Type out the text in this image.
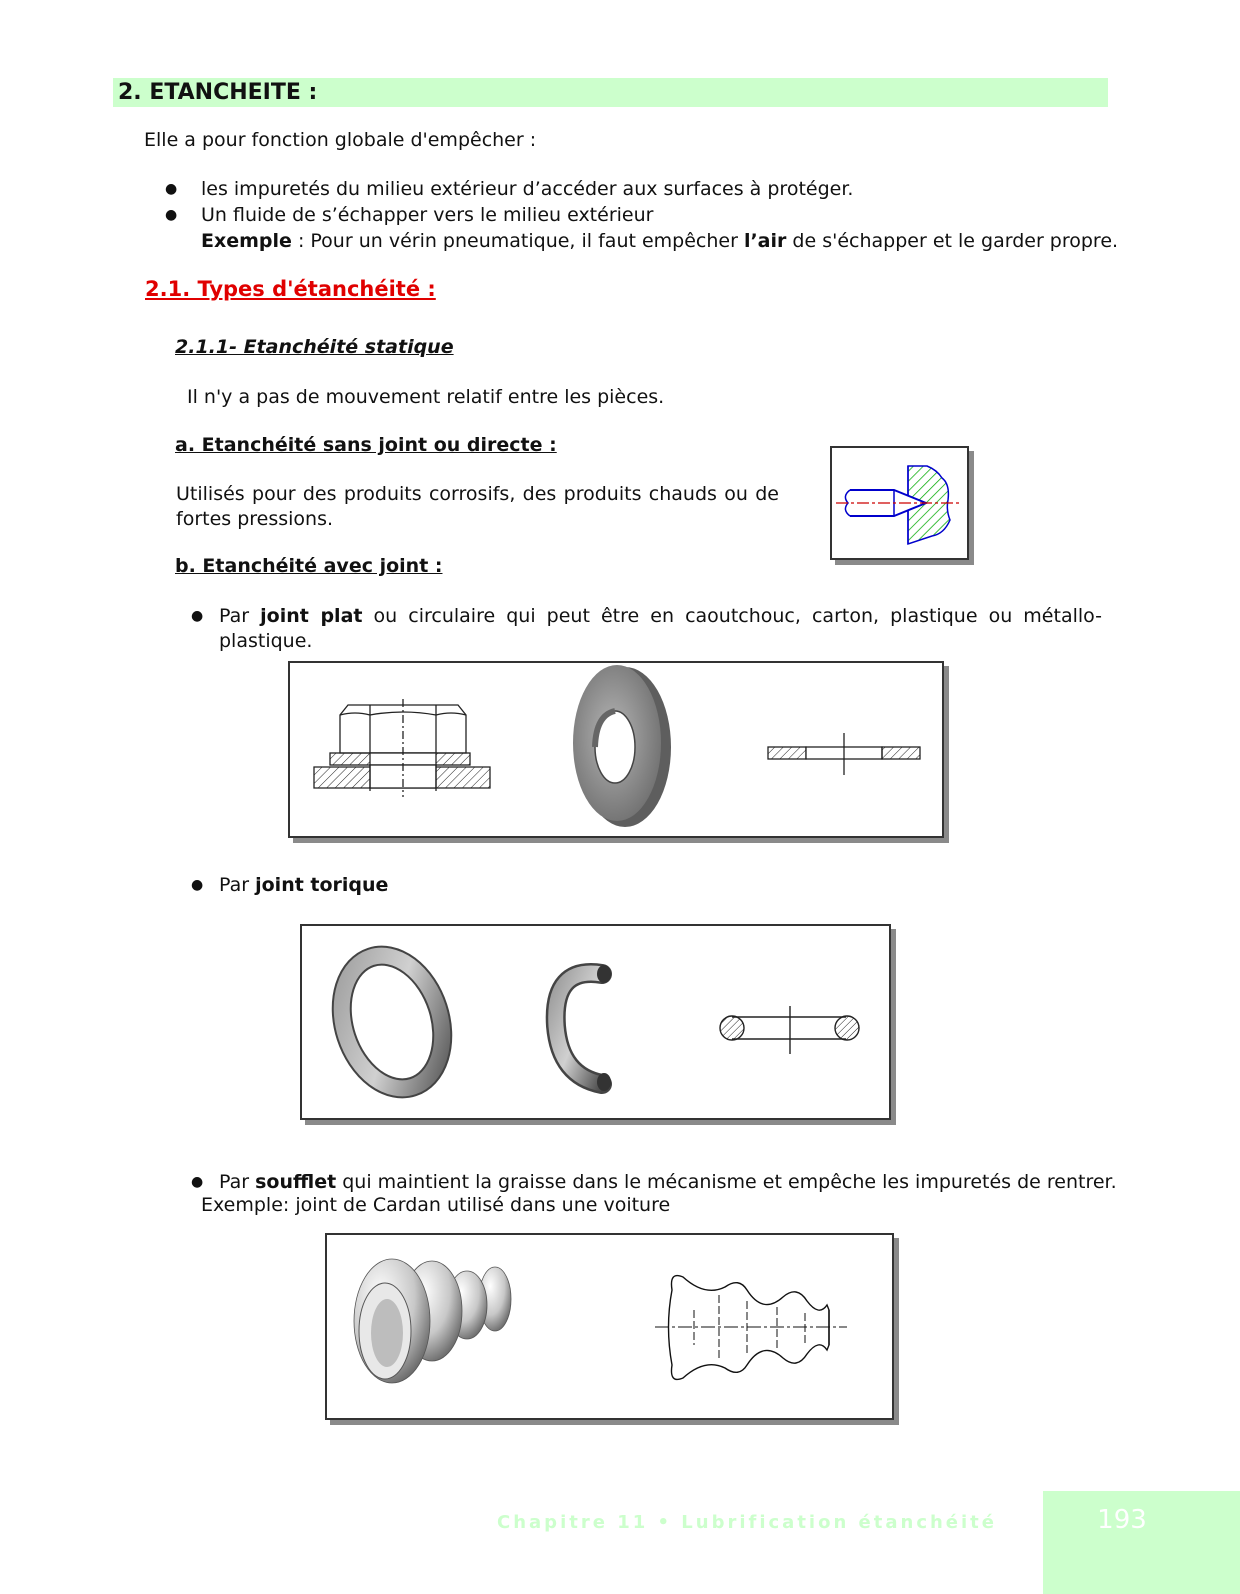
2. ETANCHEITE :
Elle a pour fonction globale d'empêcher :
● les impuretés du milieu extérieur d’accéder aux surfaces à protéger.
● Un fluide de s’échapper vers le milieu extérieur
Exemple : Pour un vérin pneumatique, il faut empêcher l’air de s'échapper et le garder propre.
2.1. Types d'étanchéité :
2.1.1- Etanchéité statique
Il n'y a pas de mouvement relatif entre les pièces.
a. Etanchéité sans joint ou directe :
Utilisés pour des produits corrosifs, des produits chauds ou de fortes pressions.
b. Etanchéité avec joint :
● Par joint plat ou circulaire qui peut être en caoutchouc, carton, plastique ou métallo-plastique.
● Par joint torique
● Par soufflet qui maintient la graisse dans le mécanisme et empêche les impuretés de rentrer.
Exemple: joint de Cardan utilisé dans une voiture
Chapitre 11 • Lubrification étanchéité	193
